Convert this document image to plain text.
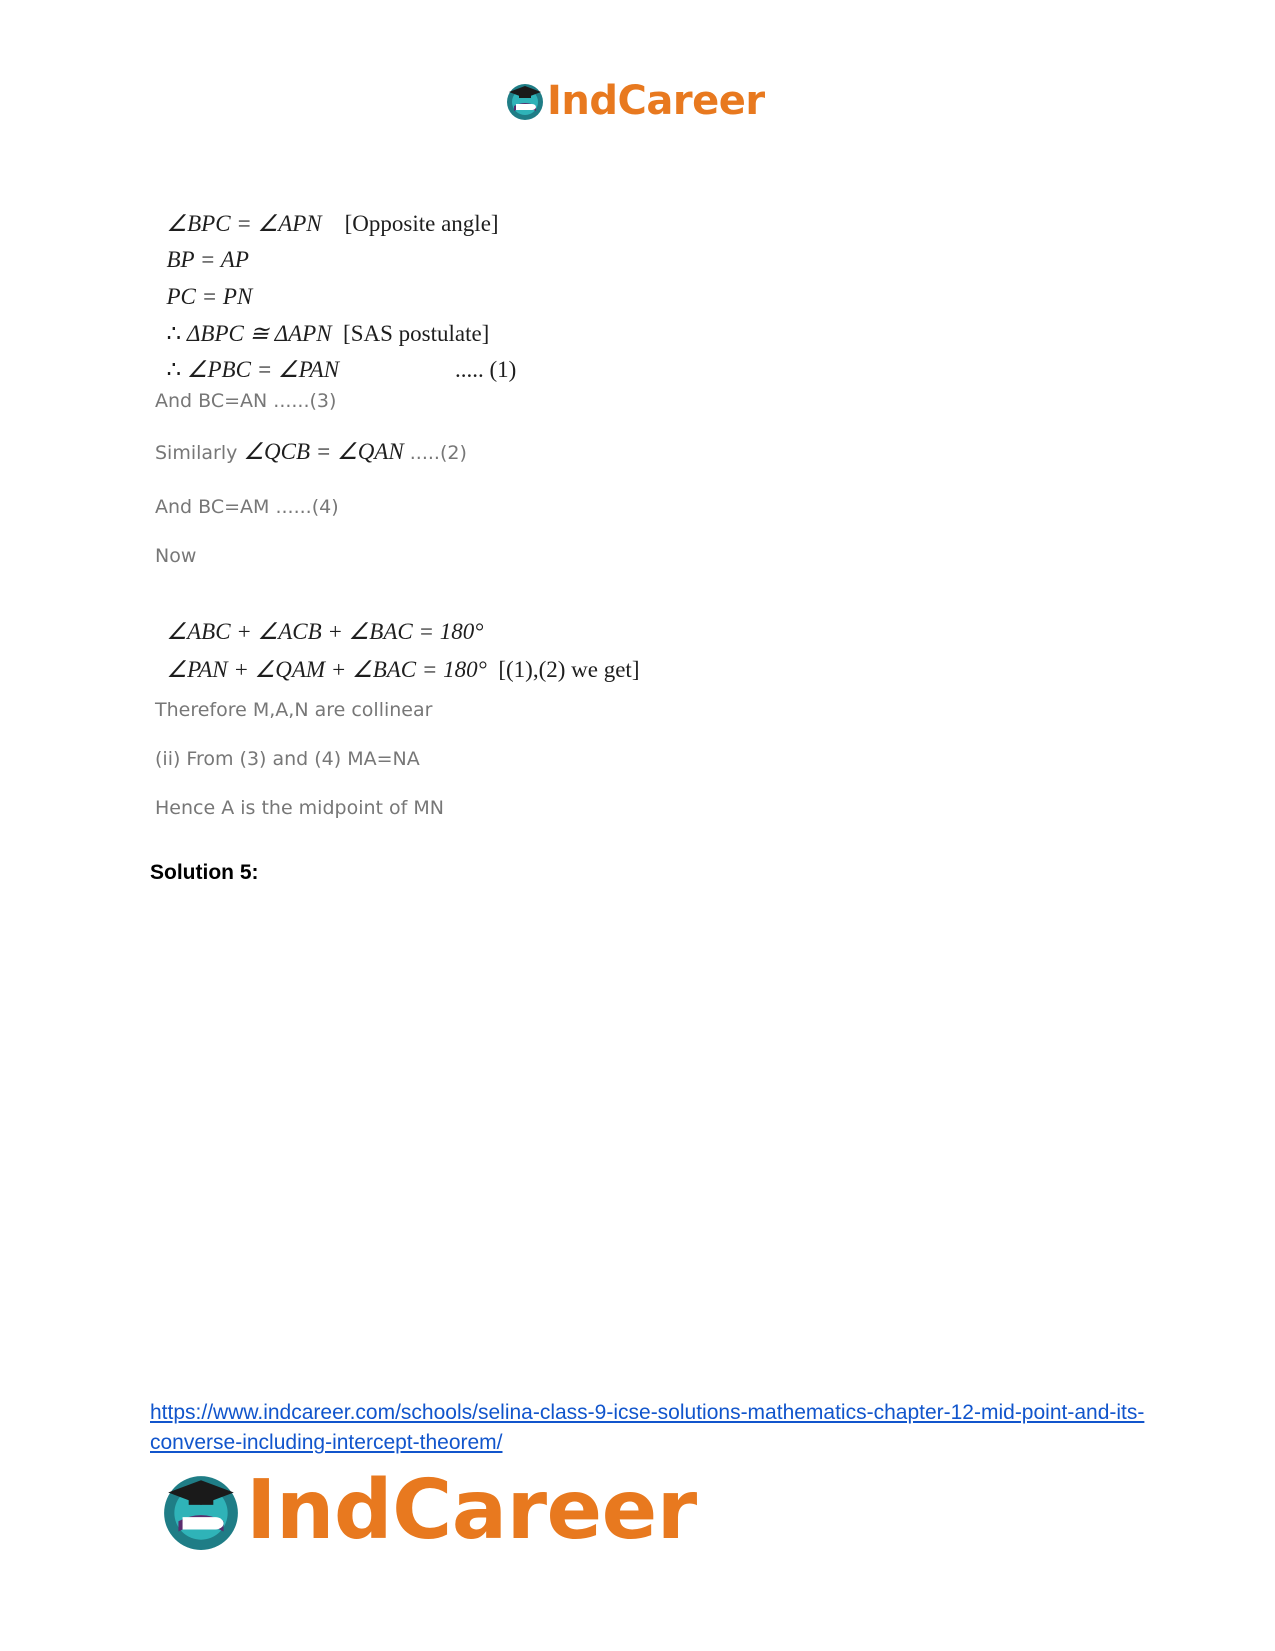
IndCareer

∠BPC = ∠APN [Opposite angle]

BP = AP

PC = PN

∴ ΔBPC ≅ ΔAPN [SAS postulate]

∴ ∠PBC = ∠PAN	..... (1)

And BC=AN ......(3)
Similarly ∠QCB = ∠QAN .....(2)
And BC=AM ......(4)
Now

∠ABC + ∠ACB + ∠BAC = 180°

∠PAN + ∠QAM + ∠BAC = 180° [(1),(2) we get]

Therefore M,A,N are collinear
(ii) From (3) and (4) MA=NA
Hence A is the midpoint of MN
Solution 5:
https://www.indcareer.com/schools/selina-class-9-icse-solutions-mathematics-chapter-12-mid-point-and-its-converse-including-intercept-theorem/
IndCareer
